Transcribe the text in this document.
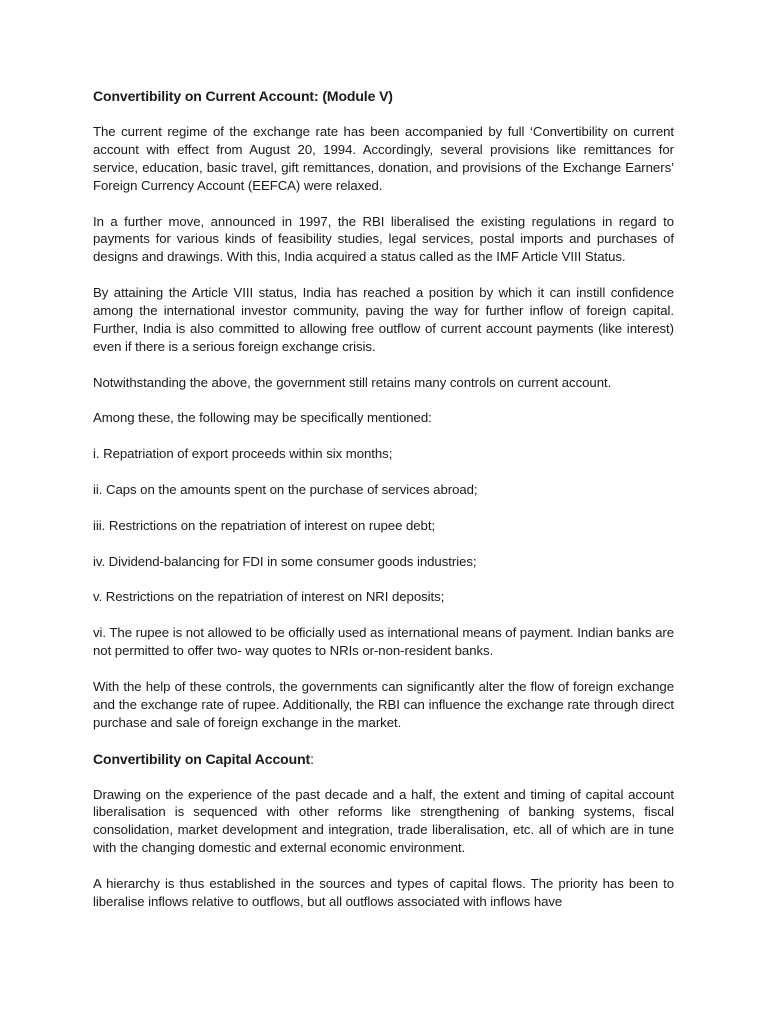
Convertibility on Current Account: (Module V)

The current regime of the exchange rate has been accompanied by full ‘Convertibility on current account with effect from August 20, 1994. Accordingly, several provisions like remittances for service, education, basic travel, gift remittances, donation, and provisions of the Exchange Earners’ Foreign Currency Account (EEFCA) were relaxed.

In a further move, announced in 1997, the RBI liberalised the existing regulations in regard to payments for various kinds of feasibility studies, legal services, postal imports and purchases of designs and drawings. With this, India acquired a status called as the IMF Article VIII Status.

By attaining the Article VIII status, India has reached a position by which it can instill confidence among the international investor community, paving the way for further inflow of foreign capital. Further, India is also committed to allowing free outflow of current account payments (like interest) even if there is a serious foreign exchange crisis.

Notwithstanding the above, the government still retains many controls on current account.

Among these, the following may be specifically mentioned:

i. Repatriation of export proceeds within six months;

ii. Caps on the amounts spent on the purchase of services abroad;

iii. Restrictions on the repatriation of interest on rupee debt;

iv. Dividend-balancing for FDI in some consumer goods industries;

v. Restrictions on the repatriation of interest on NRI deposits;

vi. The rupee is not allowed to be officially used as international means of payment. Indian banks are not permitted to offer two- way quotes to NRIs or-non-resident banks.

With the help of these controls, the governments can significantly alter the flow of foreign exchange and the exchange rate of rupee. Additionally, the RBI can influence the exchange rate through direct purchase and sale of foreign exchange in the market.

Convertibility on Capital Account:

Drawing on the experience of the past decade and a half, the extent and timing of capital account liberalisation is sequenced with other reforms like strengthening of banking systems, fiscal consolidation, market development and integration, trade liberalisation, etc. all of which are in tune with the changing domestic and external economic environment.

A hierarchy is thus established in the sources and types of capital flows. The priority has been to liberalise inflows relative to outflows, but all outflows associated with inflows have
